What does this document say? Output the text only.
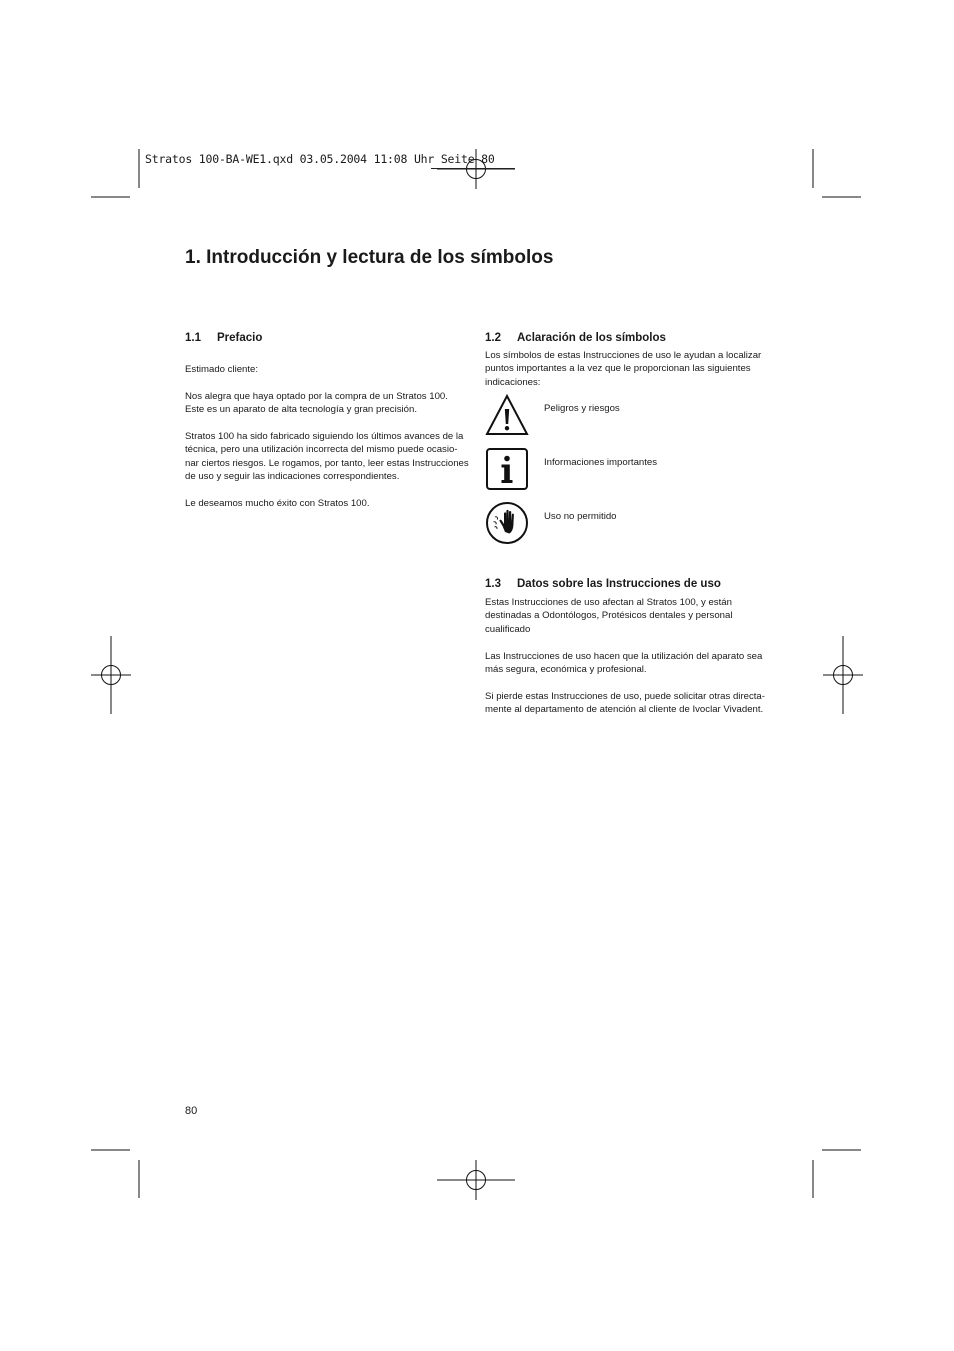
Stratos 100-BA-WE1.qxd 03.05.2004 11:08 Uhr Seite 80
1. Introducción y lectura de los símbolos
1.1 Prefacio
Estimado cliente:
Nos alegra que haya optado por la compra de un Stratos 100.
Este es un aparato de alta tecnología y gran precisión.
Stratos 100 ha sido fabricado siguiendo los últimos avances de la
técnica, pero una utilización incorrecta del mismo puede ocasio-
nar ciertos riesgos. Le rogamos, por tanto, leer estas Instrucciones
de uso y seguir las indicaciones correspondientes.
Le deseamos mucho éxito con Stratos 100.
1.2 Aclaración de los símbolos
Los símbolos de estas Instrucciones de uso le ayudan a localizar
puntos importantes a la vez que le proporcionan las siguientes
indicaciones:
Peligros y riesgos
Informaciones importantes
Uso no permitido
1.3 Datos sobre las Instrucciones de uso
Estas Instrucciones de uso afectan al Stratos 100, y están
destinadas a Odontólogos, Protésicos dentales y personal
cualificado
Las Instrucciones de uso hacen que la utilización del aparato sea
más segura, económica y profesional.
Si pierde estas Instrucciones de uso, puede solicitar otras directa-
mente al departamento de atención al cliente de Ivoclar Vivadent.
80
